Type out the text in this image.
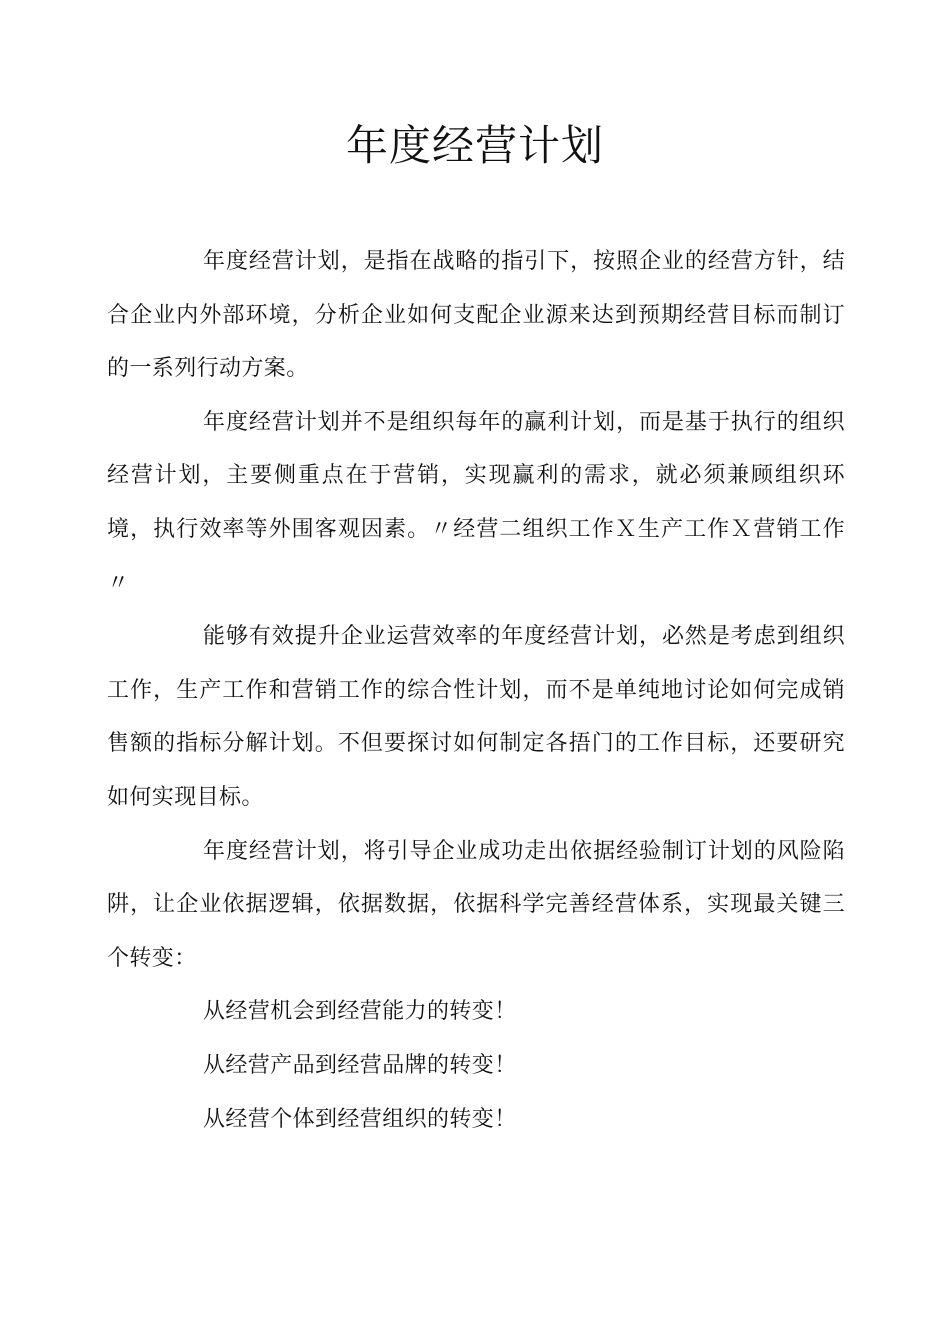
年度经营计划

年度经营计划，是指在战略的指引下，按照企业的经营方针，结合企业内外部环境，分析企业如何支配企业源来达到预期经营目标而制订的一系列行动方案。

年度经营计划并不是组织每年的赢利计划，而是基于执行的组织经营计划，主要侧重点在于营销，实现赢利的需求，就必须兼顾组织环境，执行效率等外围客观因素。〃经营二组织工作Ｘ生产工作Ｘ营销工作〃

能够有效提升企业运营效率的年度经营计划，必然是考虑到组织工作，生产工作和营销工作的综合性计划，而不是单纯地讨论如何完成销售额的指标分解计划。不但要探讨如何制定各捂门的工作目标，还要研究如何实现目标。

年度经营计划，将引导企业成功走出依据经验制订计划的风险陷阱，让企业依据逻辑，依据数据，依据科学完善经营体系，实现最关键三个转变：

从经营机会到经营能力的转变！

从经营产品到经营品牌的转变！

从经营个体到经营组织的转变！
